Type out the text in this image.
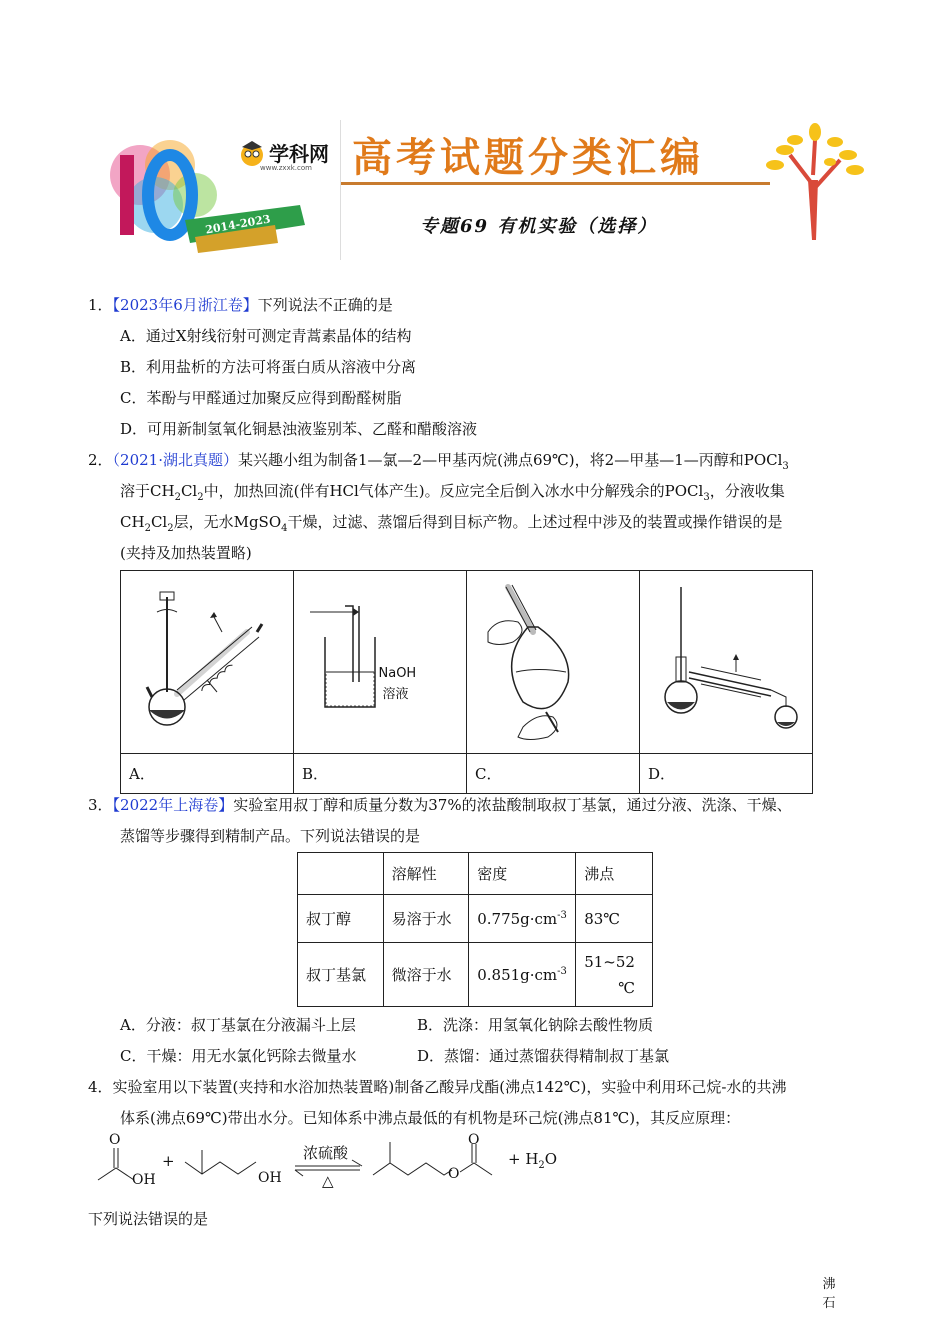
years
2014-2023
学科网
www.zxxk.com 高考试题分类汇编
专题69 有机实验（选择）
1．【2023年6月浙江卷】下列说法不正确的是
A．通过X射线衍射可测定青蒿素晶体的结构
B．利用盐析的方法可将蛋白质从溶液中分离
C．苯酚与甲醛通过加聚反应得到酚醛树脂
D．可用新制氢氧化铜悬浊液鉴别苯、乙醛和醋酸溶液
2．（2021·湖北真题）某兴趣小组为制备1—氯—2—甲基丙烷(沸点69℃)，将2—甲基—1—丙醇和POCl$_3$
溶于$CH_2Cl_2$中，加热回流(伴有HCl气体产生)。反应完全后倒入冰水中分解残余的POCl$_3$，分液收集
$CH_2Cl_2$层，无水MgSO$_4$干燥，过滤、蒸馏后得到目标产物。上述过程中涉及的装置或操作错误的是
(夹持及加热装置略)

NaOH
溶液		沸石

A．	B．	C．	D．
3．【2022年上海卷】实验室用叔丁醇和质量分数为37%的浓盐酸制取叔丁基氯，通过分液、洗涤、干燥、
蒸馏等步骤得到精制产品。下列说法错误的是
	溶解性	密度	沸点
叔丁醇	易溶于水	$0.775g\cdot cm^{-3}$	83℃
叔丁基氯	微溶于水	$0.851g\cdot cm^{-3}$	51~52
℃
A．分液：叔丁基氯在分液漏斗上层	B．洗涤：用氢氧化钠除去酸性物质
C．干燥：用无水氯化钙除去微量水	D．蒸馏：通过蒸馏获得精制叔丁基氯
4．实验室用以下装置(夹持和水浴加热装置略)制备乙酸异戊酯(沸点142℃)，实验中利用环己烷-水的共沸
体系(沸点69℃)带出水分。已知体系中沸点最低的有机物是环己烷(沸点81℃)，其反应原理：
O
OH
+
OH
浓硫酸
△	O
O
+ $H_2O$
下列说法错误的是
